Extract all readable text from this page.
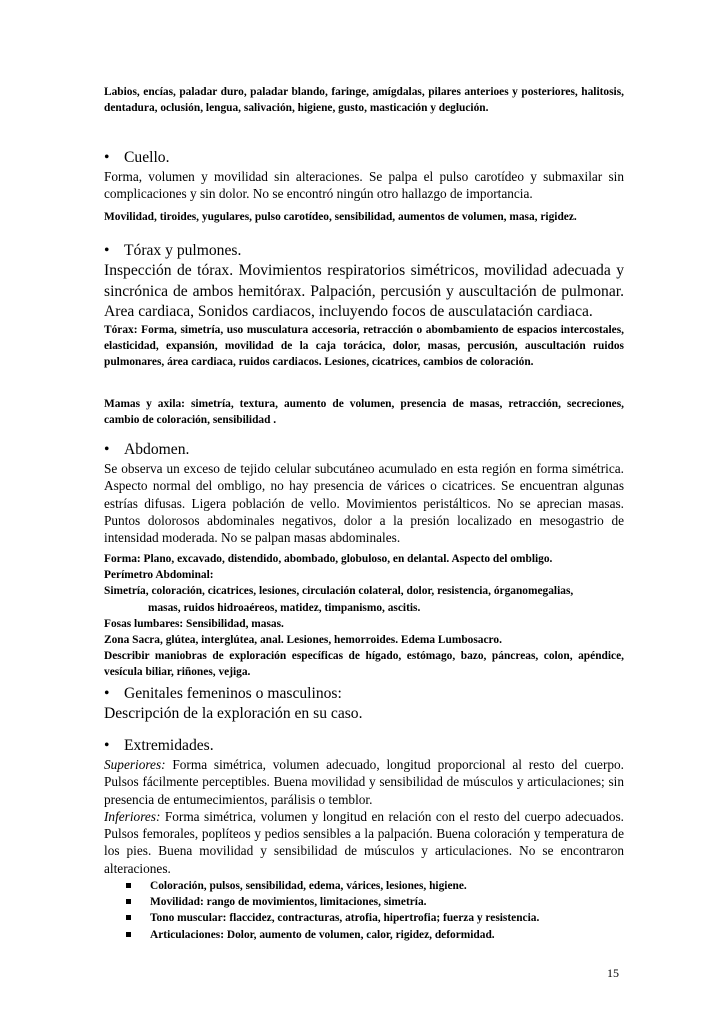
Labios, encías, paladar duro, paladar blando, faringe, amígdalas, pilares anterioes y posteriores, halitosis, dentadura, oclusión, lengua, salivación, higiene, gusto, masticación y deglución.

• Cuello.

Forma, volumen y movilidad sin alteraciones. Se palpa el pulso carotídeo y submaxilar sin complicaciones y sin dolor. No se encontró ningún otro hallazgo de importancia.

Movilidad, tiroides, yugulares, pulso carotídeo, sensibilidad, aumentos de volumen, masa, rigidez.

• Tórax y pulmones.

Inspección de tórax. Movimientos respiratorios simétricos, movilidad adecuada y sincrónica de ambos hemitórax. Palpación, percusión y auscultación de pulmonar. Area cardiaca, Sonidos cardiacos, incluyendo focos de ausculatación cardiaca.

Tórax: Forma, simetría, uso musculatura accesoria, retracción o abombamiento de espacios intercostales, elasticidad, expansión, movilidad de la caja torácica, dolor, masas, percusión, auscultación ruidos pulmonares, área cardiaca, ruidos cardiacos. Lesiones, cicatrices, cambios de coloración.

Mamas y axila: simetría, textura, aumento de volumen, presencia de masas, retracción, secreciones, cambio de coloración, sensibilidad .

• Abdomen.

Se observa un exceso de tejido celular subcutáneo acumulado en esta región en forma simétrica. Aspecto normal del ombligo, no hay presencia de várices o cicatrices. Se encuentran algunas estrías difusas. Ligera población de vello. Movimientos peristálticos. No se aprecian masas. Puntos dolorosos abdominales negativos, dolor a la presión localizado en mesogastrio de intensidad moderada. No se palpan masas abdominales.

Forma: Plano, excavado, distendido, abombado, globuloso, en delantal. Aspecto del ombligo.

Perímetro Abdominal:

Simetría, coloración, cicatrices, lesiones, circulación colateral, dolor, resistencia, órganomegalias,

masas, ruidos hidroaéreos, matidez, timpanismo, ascitis.

Fosas lumbares: Sensibilidad, masas.

Zona Sacra, glútea, interglútea, anal. Lesiones, hemorroides. Edema Lumbosacro.

Describir maniobras de exploración específicas de hígado, estómago, bazo, páncreas, colon, apéndice, vesícula biliar, riñones, vejiga.

• Genitales femeninos o masculinos:

Descripción de la exploración en su caso.

• Extremidades.

Superiores: Forma simétrica, volumen adecuado, longitud proporcional al resto del cuerpo. Pulsos fácilmente perceptibles. Buena movilidad y sensibilidad de músculos y articulaciones; sin presencia de entumecimientos, parálisis o temblor.

Inferiores: Forma simétrica, volumen y longitud en relación con el resto del cuerpo adecuados. Pulsos femorales, poplíteos y pedios sensibles a la palpación. Buena coloración y temperatura de los pies. Buena movilidad y sensibilidad de músculos y articulaciones. No se encontraron alteraciones.

Coloración, pulsos, sensibilidad, edema, várices, lesiones, higiene.
Movilidad: rango de movimientos, limitaciones, simetría.
Tono muscular: flaccidez, contracturas, atrofia, hipertrofia; fuerza y resistencia.
Articulaciones: Dolor, aumento de volumen, calor, rigidez, deformidad.
15
